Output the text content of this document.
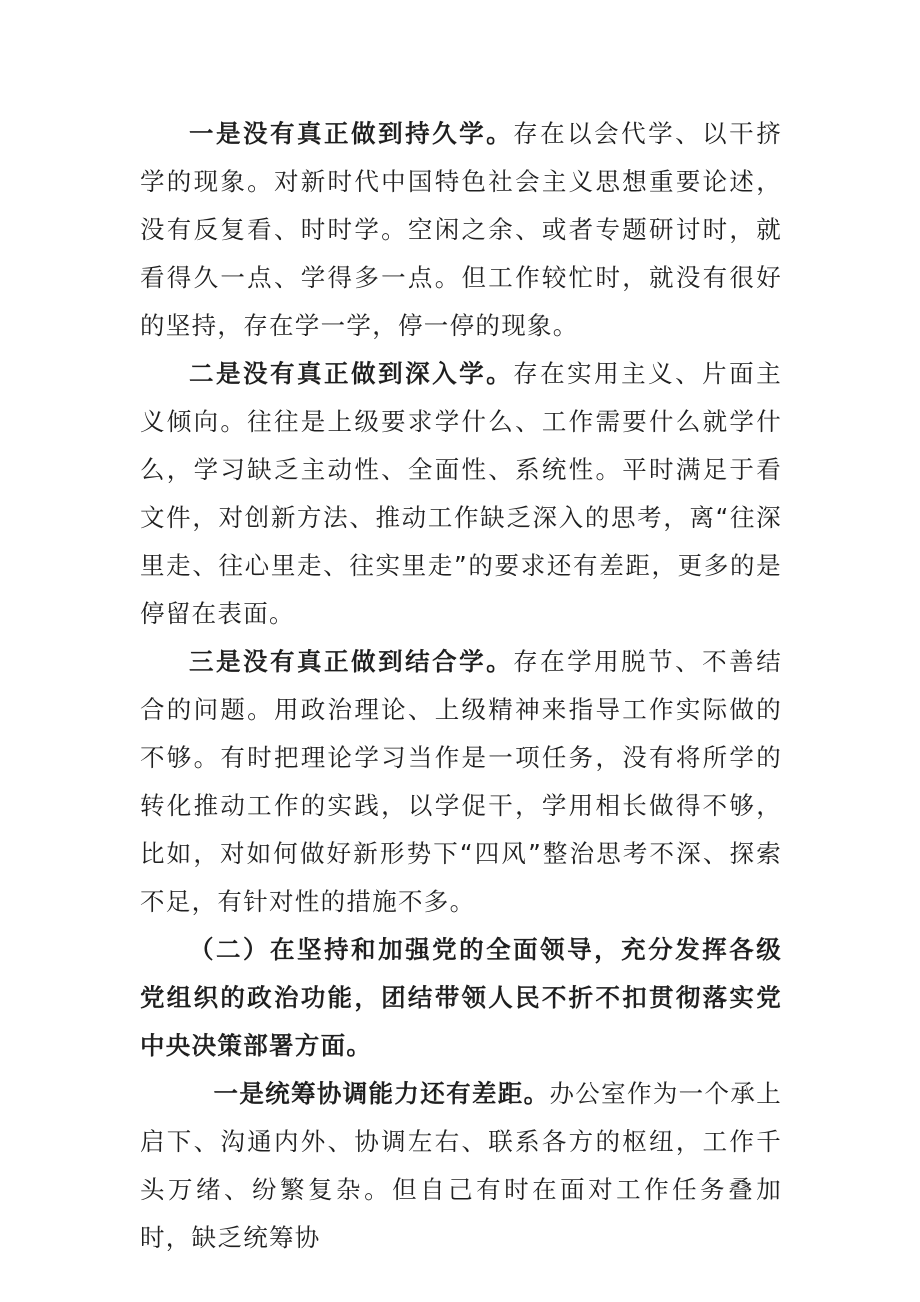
一是没有真正做到持久学。存在以会代学、以干挤学的现象。对新时代中国特色社会主义思想重要论述，没有反复看、时时学。空闲之余、或者专题研讨时，就看得久一点、学得多一点。但工作较忙时，就没有很好的坚持，存在学一学，停一停的现象。

二是没有真正做到深入学。存在实用主义、片面主义倾向。往往是上级要求学什么、工作需要什么就学什么，学习缺乏主动性、全面性、系统性。平时满足于看文件，对创新方法、推动工作缺乏深入的思考，离“往深里走、往心里走、往实里走”的要求还有差距，更多的是停留在表面。

三是没有真正做到结合学。存在学用脱节、不善结合的问题。用政治理论、上级精神来指导工作实际做的不够。有时把理论学习当作是一项任务，没有将所学的转化推动工作的实践，以学促干，学用相长做得不够，比如，对如何做好新形势下“四风”整治思考不深、探索不足，有针对性的措施不多。

（二）在坚持和加强党的全面领导，充分发挥各级党组织的政治功能，团结带领人民不折不扣贯彻落实党中央决策部署方面。

一是统筹协调能力还有差距。办公室作为一个承上启下、沟通内外、协调左右、联系各方的枢纽，工作千头万绪、纷繁复杂。但自己有时在面对工作任务叠加时，缺乏统筹协
